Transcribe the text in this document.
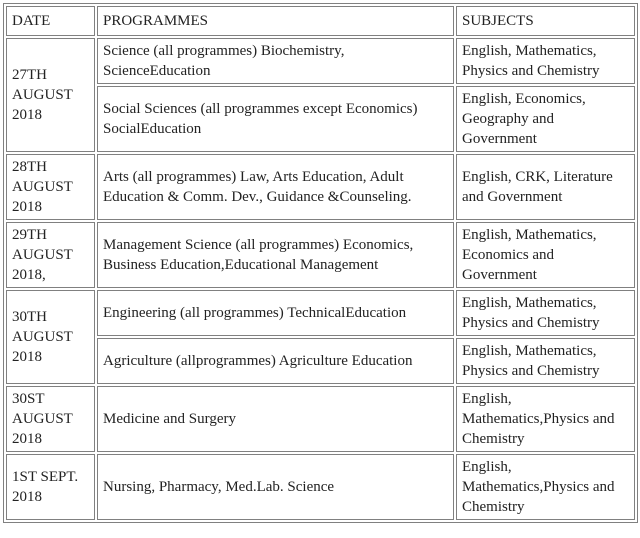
DATE	PROGRAMMES	SUBJECTS
27TH AUGUST 2018	Science (all programmes) Biochemistry, ScienceEducation	English, Mathematics, Physics and Chemistry
	Social Sciences (all programmes except Economics) SocialEducation	English, Economics, Geography and Government
28TH AUGUST 2018	Arts (all programmes) Law, Arts Education, Adult Education & Comm. Dev., Guidance &Counseling.	English, CRK, Literature and Government
29TH AUGUST 2018,	Management Science (all programmes) Economics, Business Education,Educational Management	English, Mathematics, Economics and Government
30TH AUGUST 2018	Engineering (all programmes) TechnicalEducation	English, Mathematics, Physics and Chemistry
	Agriculture (allprogrammes) Agriculture Education	English, Mathematics, Physics and Chemistry
30ST AUGUST 2018	Medicine and Surgery	English, Mathematics,Physics and Chemistry
1ST SEPT. 2018	Nursing, Pharmacy, Med.Lab. Science	English, Mathematics,Physics and Chemistry
